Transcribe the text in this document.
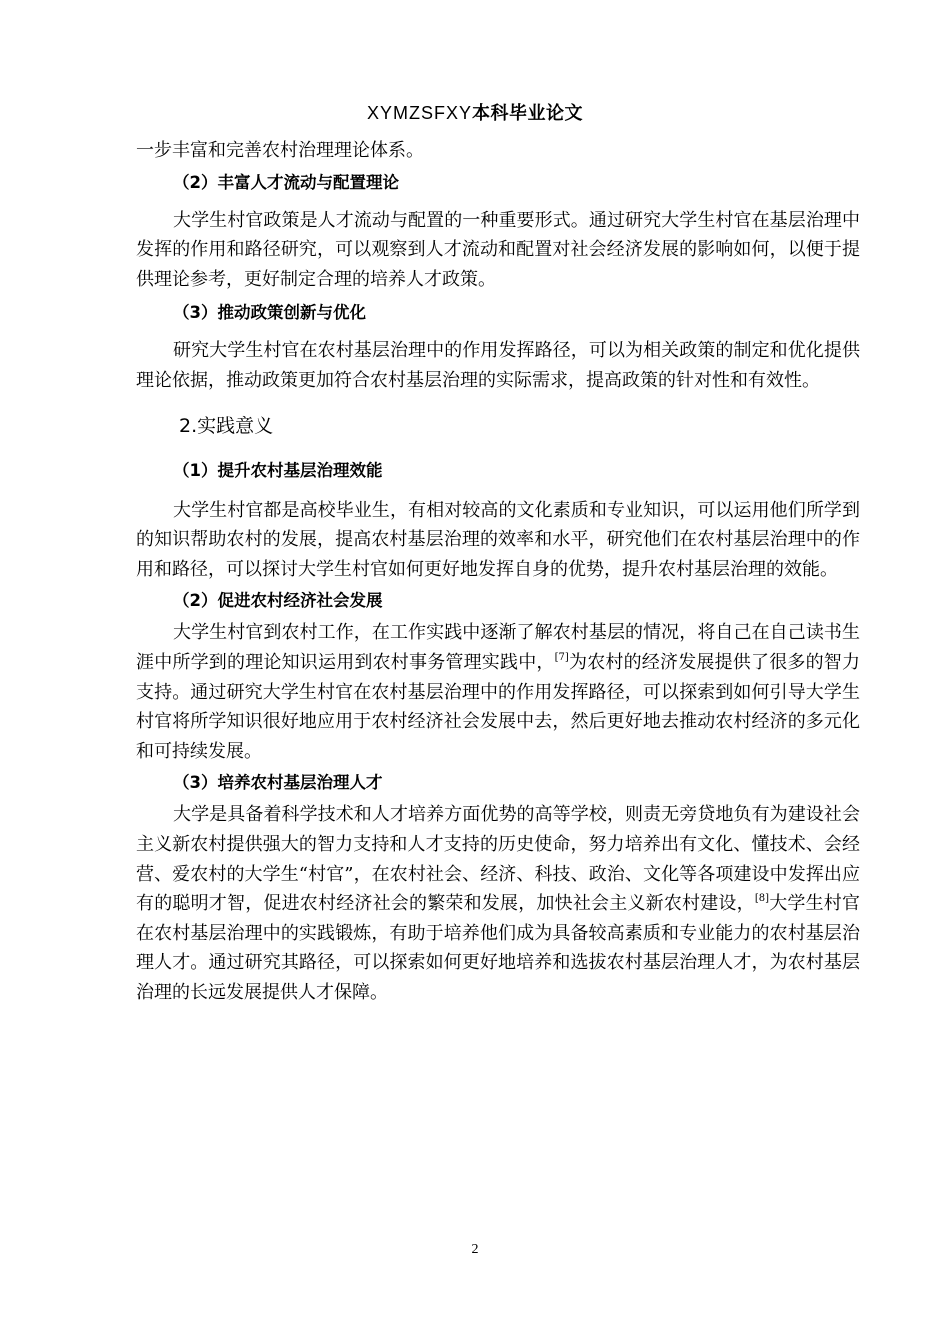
XYMZSFXY本科毕业论文

一步丰富和完善农村治理理论体系。

（2）丰富人才流动与配置理论

大学生村官政策是人才流动与配置的一种重要形式。通过研究大学生村官在基层治理中发挥的作用和路径研究，可以观察到人才流动和配置对社会经济发展的影响如何，以便于提供理论参考，更好制定合理的培养人才政策。

（3）推动政策创新与优化

研究大学生村官在农村基层治理中的作用发挥路径，可以为相关政策的制定和优化提供理论依据，推动政策更加符合农村基层治理的实际需求，提高政策的针对性和有效性。

2.实践意义

（1）提升农村基层治理效能

大学生村官都是高校毕业生，有相对较高的文化素质和专业知识，可以运用他们所学到的知识帮助农村的发展，提高农村基层治理的效率和水平，研究他们在农村基层治理中的作用和路径，可以探讨大学生村官如何更好地发挥自身的优势，提升农村基层治理的效能。

（2）促进农村经济社会发展

大学生村官到农村工作，在工作实践中逐渐了解农村基层的情况，将自己在自己读书生涯中所学到的理论知识运用到农村事务管理实践中，[7]为农村的经济发展提供了很多的智力支持。通过研究大学生村官在农村基层治理中的作用发挥路径，可以探索到如何引导大学生村官将所学知识很好地应用于农村经济社会发展中去，然后更好地去推动农村经济的多元化和可持续发展。

（3）培养农村基层治理人才

大学是具备着科学技术和人才培养方面优势的高等学校，则责无旁贷地负有为建设社会主义新农村提供强大的智力支持和人才支持的历史使命，努力培养出有文化、懂技术、会经营、爱农村的大学生“村官”，在农村社会、经济、科技、政治、文化等各项建设中发挥出应有的聪明才智，促进农村经济社会的繁荣和发展，加快社会主义新农村建设，[8]大学生村官在农村基层治理中的实践锻炼，有助于培养他们成为具备较高素质和专业能力的农村基层治理人才。通过研究其路径，可以探索如何更好地培养和选拔农村基层治理人才，为农村基层治理的长远发展提供人才保障。

2
